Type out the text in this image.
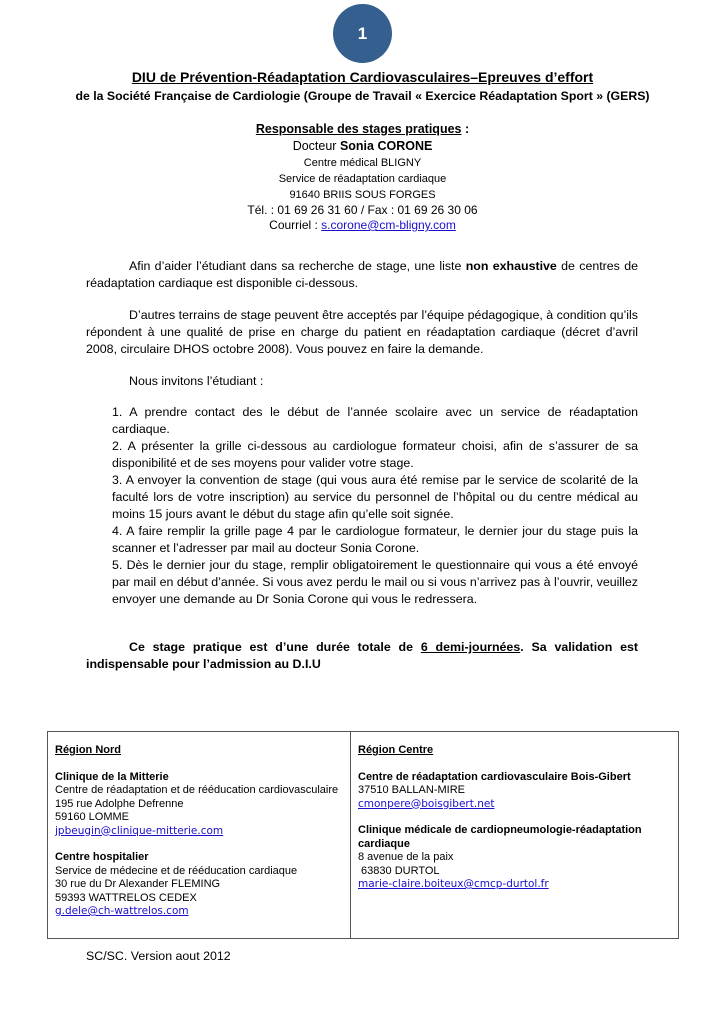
1
DIU de Prévention-Réadaptation Cardiovasculaires–Epreuves d’effort
de la Société Française de Cardiologie (Groupe de Travail « Exercice Réadaptation Sport » (GERS)
Responsable des stages pratiques :
Docteur Sonia CORONE
Centre médical BLIGNY
Service de réadaptation cardiaque
91640 BRIIS SOUS FORGES
Tél. : 01 69 26 31 60 / Fax : 01 69 26 30 06
Courriel : s.corone@cm-bligny.com

Afin d’aider l’étudiant dans sa recherche de stage, une liste non exhaustive de centres de réadaptation cardiaque est disponible ci-dessous.

D’autres terrains de stage peuvent être acceptés par l’équipe pédagogique, à condition qu’ils répondent à une qualité de prise en charge du patient en réadaptation cardiaque (décret d’avril 2008, circulaire DHOS octobre 2008). Vous pouvez en faire la demande.

Nous invitons l’étudiant :

1. A prendre contact des le début de l’année scolaire avec un service de réadaptation cardiaque.
2. A présenter la grille ci-dessous au cardiologue formateur choisi, afin de s’assurer de sa disponibilité et de ses moyens pour valider votre stage.
3. A envoyer la convention de stage (qui vous aura été remise par le service de scolarité de la faculté lors de votre inscription) au service du personnel de l’hôpital ou du centre médical au moins 15 jours avant le début du stage afin qu’elle soit signée.
4. A faire remplir la grille page 4 par le cardiologue formateur, le dernier jour du stage puis la scanner et l’adresser par mail au docteur Sonia Corone.
5. Dès le dernier jour du stage, remplir obligatoirement le questionnaire qui vous a été envoyé par mail en début d’année. Si vous avez perdu le mail ou si vous n’arrivez pas à l’ouvrir, veuillez envoyer une demande au Dr Sonia Corone qui vous le redressera.

Ce stage pratique est d’une durée totale de 6 demi-journées. Sa validation est indispensable pour l’admission au D.I.U

Région Nord
Clinique de la Mitterie
Centre de réadaptation et de rééducation cardiovasculaire
195 rue Adolphe Defrenne
59160 LOMME
jpbeugin@clinique-mitterie.com
Centre hospitalier
Service de médecine et de rééducation cardiaque
30 rue du Dr Alexander FLEMING
59393 WATTRELOS CEDEX
g.dele@ch-wattrelos.com
Région Centre
Centre de réadaptation cardiovasculaire Bois-Gibert
37510 BALLAN-MIRE
cmonpere@boisgibert.net
Clinique médicale de cardiopneumologie-réadaptation cardiaque
8 avenue de la paix
63830 DURTOL
marie-claire.boiteux@cmcp-durtol.fr
SC/SC. Version aout 2012
